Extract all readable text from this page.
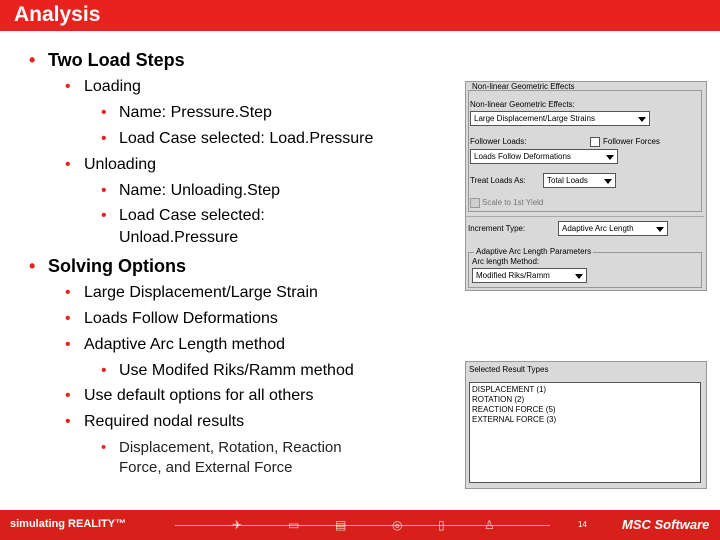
Analysis
• Two Load Steps
• Loading
• Name: Pressure.Step
• Load Case selected: Load.Pressure
• Unloading
• Name: Unloading.Step
• Load Case selected:
Unload.Pressure
• Solving Options
• Large Displacement/Large Strain
• Loads Follow Deformations
• Adaptive Arc Length method
• Use Modifed Riks/Ramm method
• Use default options for all others
• Required nodal results
• Displacement, Rotation, Reaction
Force, and External Force
Non-linear Geometric Effects
Non-linear Geometric Effects:
Large Displacement/Large Strains
Follower Loads:	Follower Forces
Loads Follow Deformations
Treat Loads As:	Total Loads
Scale to 1st Yield
Increment Type:	Adaptive Arc Length
Adaptive Arc Length Parameters
Arc length Method:
Modified Riks/Ramm
Selected Result Types
DISPLACEMENT (1)
ROTATION (2)
REACTION FORCE (5)
EXTERNAL FORCE (3)
simulating REALITY™	✈	▭	▤	◎	▯	♙	14	MSC Software
